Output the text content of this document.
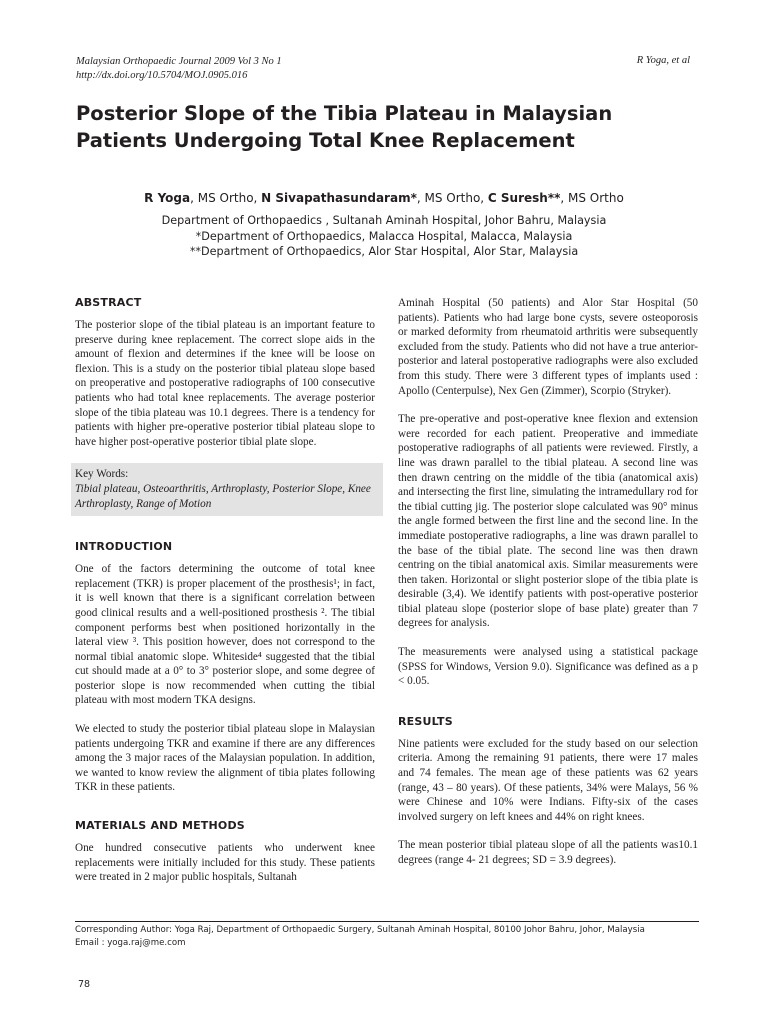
Malaysian Orthopaedic Journal 2009 Vol 3 No 1
http://dx.doi.org/10.5704/MOJ.0905.016
R Yoga, et al
Posterior Slope of the Tibia Plateau in Malaysian Patients Undergoing Total Knee Replacement
R Yoga, MS Ortho, N Sivapathasundaram*, MS Ortho, C Suresh**, MS Ortho
Department of Orthopaedics , Sultanah Aminah Hospital, Johor Bahru, Malaysia
*Department of Orthopaedics, Malacca Hospital, Malacca, Malaysia
**Department of Orthopaedics, Alor Star Hospital, Alor Star, Malaysia
ABSTRACT

The posterior slope of the tibial plateau is an important feature to preserve during knee replacement. The correct slope aids in the amount of flexion and determines if the knee will be loose on flexion. This is a study on the posterior tibial plateau slope based on preoperative and postoperative radiographs of 100 consecutive patients who had total knee replacements. The average posterior slope of the tibia plateau was 10.1 degrees. There is a tendency for patients with higher pre-operative posterior tibial plateau slope to have higher post-operative posterior tibial plate slope.

Key Words:
Tibial plateau, Osteoarthritis, Arthroplasty, Posterior Slope, Knee Arthroplasty, Range of Motion
INTRODUCTION

One of the factors determining the outcome of total knee replacement (TKR) is proper placement of the prosthesis¹; in fact, it is well known that there is a significant correlation between good clinical results and a well-positioned prosthesis ². The tibial component performs best when positioned horizontally in the lateral view ³. This position however, does not correspond to the normal tibial anatomic slope. Whiteside⁴ suggested that the tibial cut should made at a 0° to 3° posterior slope, and some degree of posterior slope is now recommended when cutting the tibial plateau with most modern TKA designs.

We elected to study the posterior tibial plateau slope in Malaysian patients undergoing TKR and examine if there are any differences among the 3 major races of the Malaysian population. In addition, we wanted to know review the alignment of tibia plates following TKR in these patients.

MATERIALS AND METHODS

One hundred consecutive patients who underwent knee replacements were initially included for this study. These patients were treated in 2 major public hospitals, Sultanah

Aminah Hospital (50 patients) and Alor Star Hospital (50 patients). Patients who had large bone cysts, severe osteoporosis or marked deformity from rheumatoid arthritis were subsequently excluded from the study. Patients who did not have a true anterior-posterior and lateral postoperative radiographs were also excluded from this study. There were 3 different types of implants used : Apollo (Centerpulse), Nex Gen (Zimmer), Scorpio (Stryker).

The pre-operative and post-operative knee flexion and extension were recorded for each patient. Preoperative and immediate postoperative radiographs of all patients were reviewed. Firstly, a line was drawn parallel to the tibial plateau. A second line was then drawn centring on the middle of the tibia (anatomical axis) and intersecting the first line, simulating the intramedullary rod for the tibial cutting jig. The posterior slope calculated was 90° minus the angle formed between the first line and the second line. In the immediate postoperative radiographs, a line was drawn parallel to the base of the tibial plate. The second line was then drawn centring on the tibial anatomical axis. Similar measurements were then taken. Horizontal or slight posterior slope of the tibia plate is desirable (3,4). We identify patients with post-operative posterior tibial plateau slope (posterior slope of base plate) greater than 7 degrees for analysis.

The measurements were analysed using a statistical package (SPSS for Windows, Version 9.0). Significance was defined as a p < 0.05.

RESULTS

Nine patients were excluded for the study based on our selection criteria. Among the remaining 91 patients, there were 17 males and 74 females. The mean age of these patients was 62 years (range, 43 – 80 years). Of these patients, 34% were Malays, 56 % were Chinese and 10% were Indians. Fifty-six of the cases involved surgery on left knees and 44% on right knees.

The mean posterior tibial plateau slope of all the patients was10.1 degrees (range 4- 21 degrees; SD = 3.9 degrees).

Corresponding Author: Yoga Raj, Department of Orthopaedic Surgery, Sultanah Aminah Hospital, 80100 Johor Bahru, Johor, Malaysia
Email : yoga.raj@me.com
78
